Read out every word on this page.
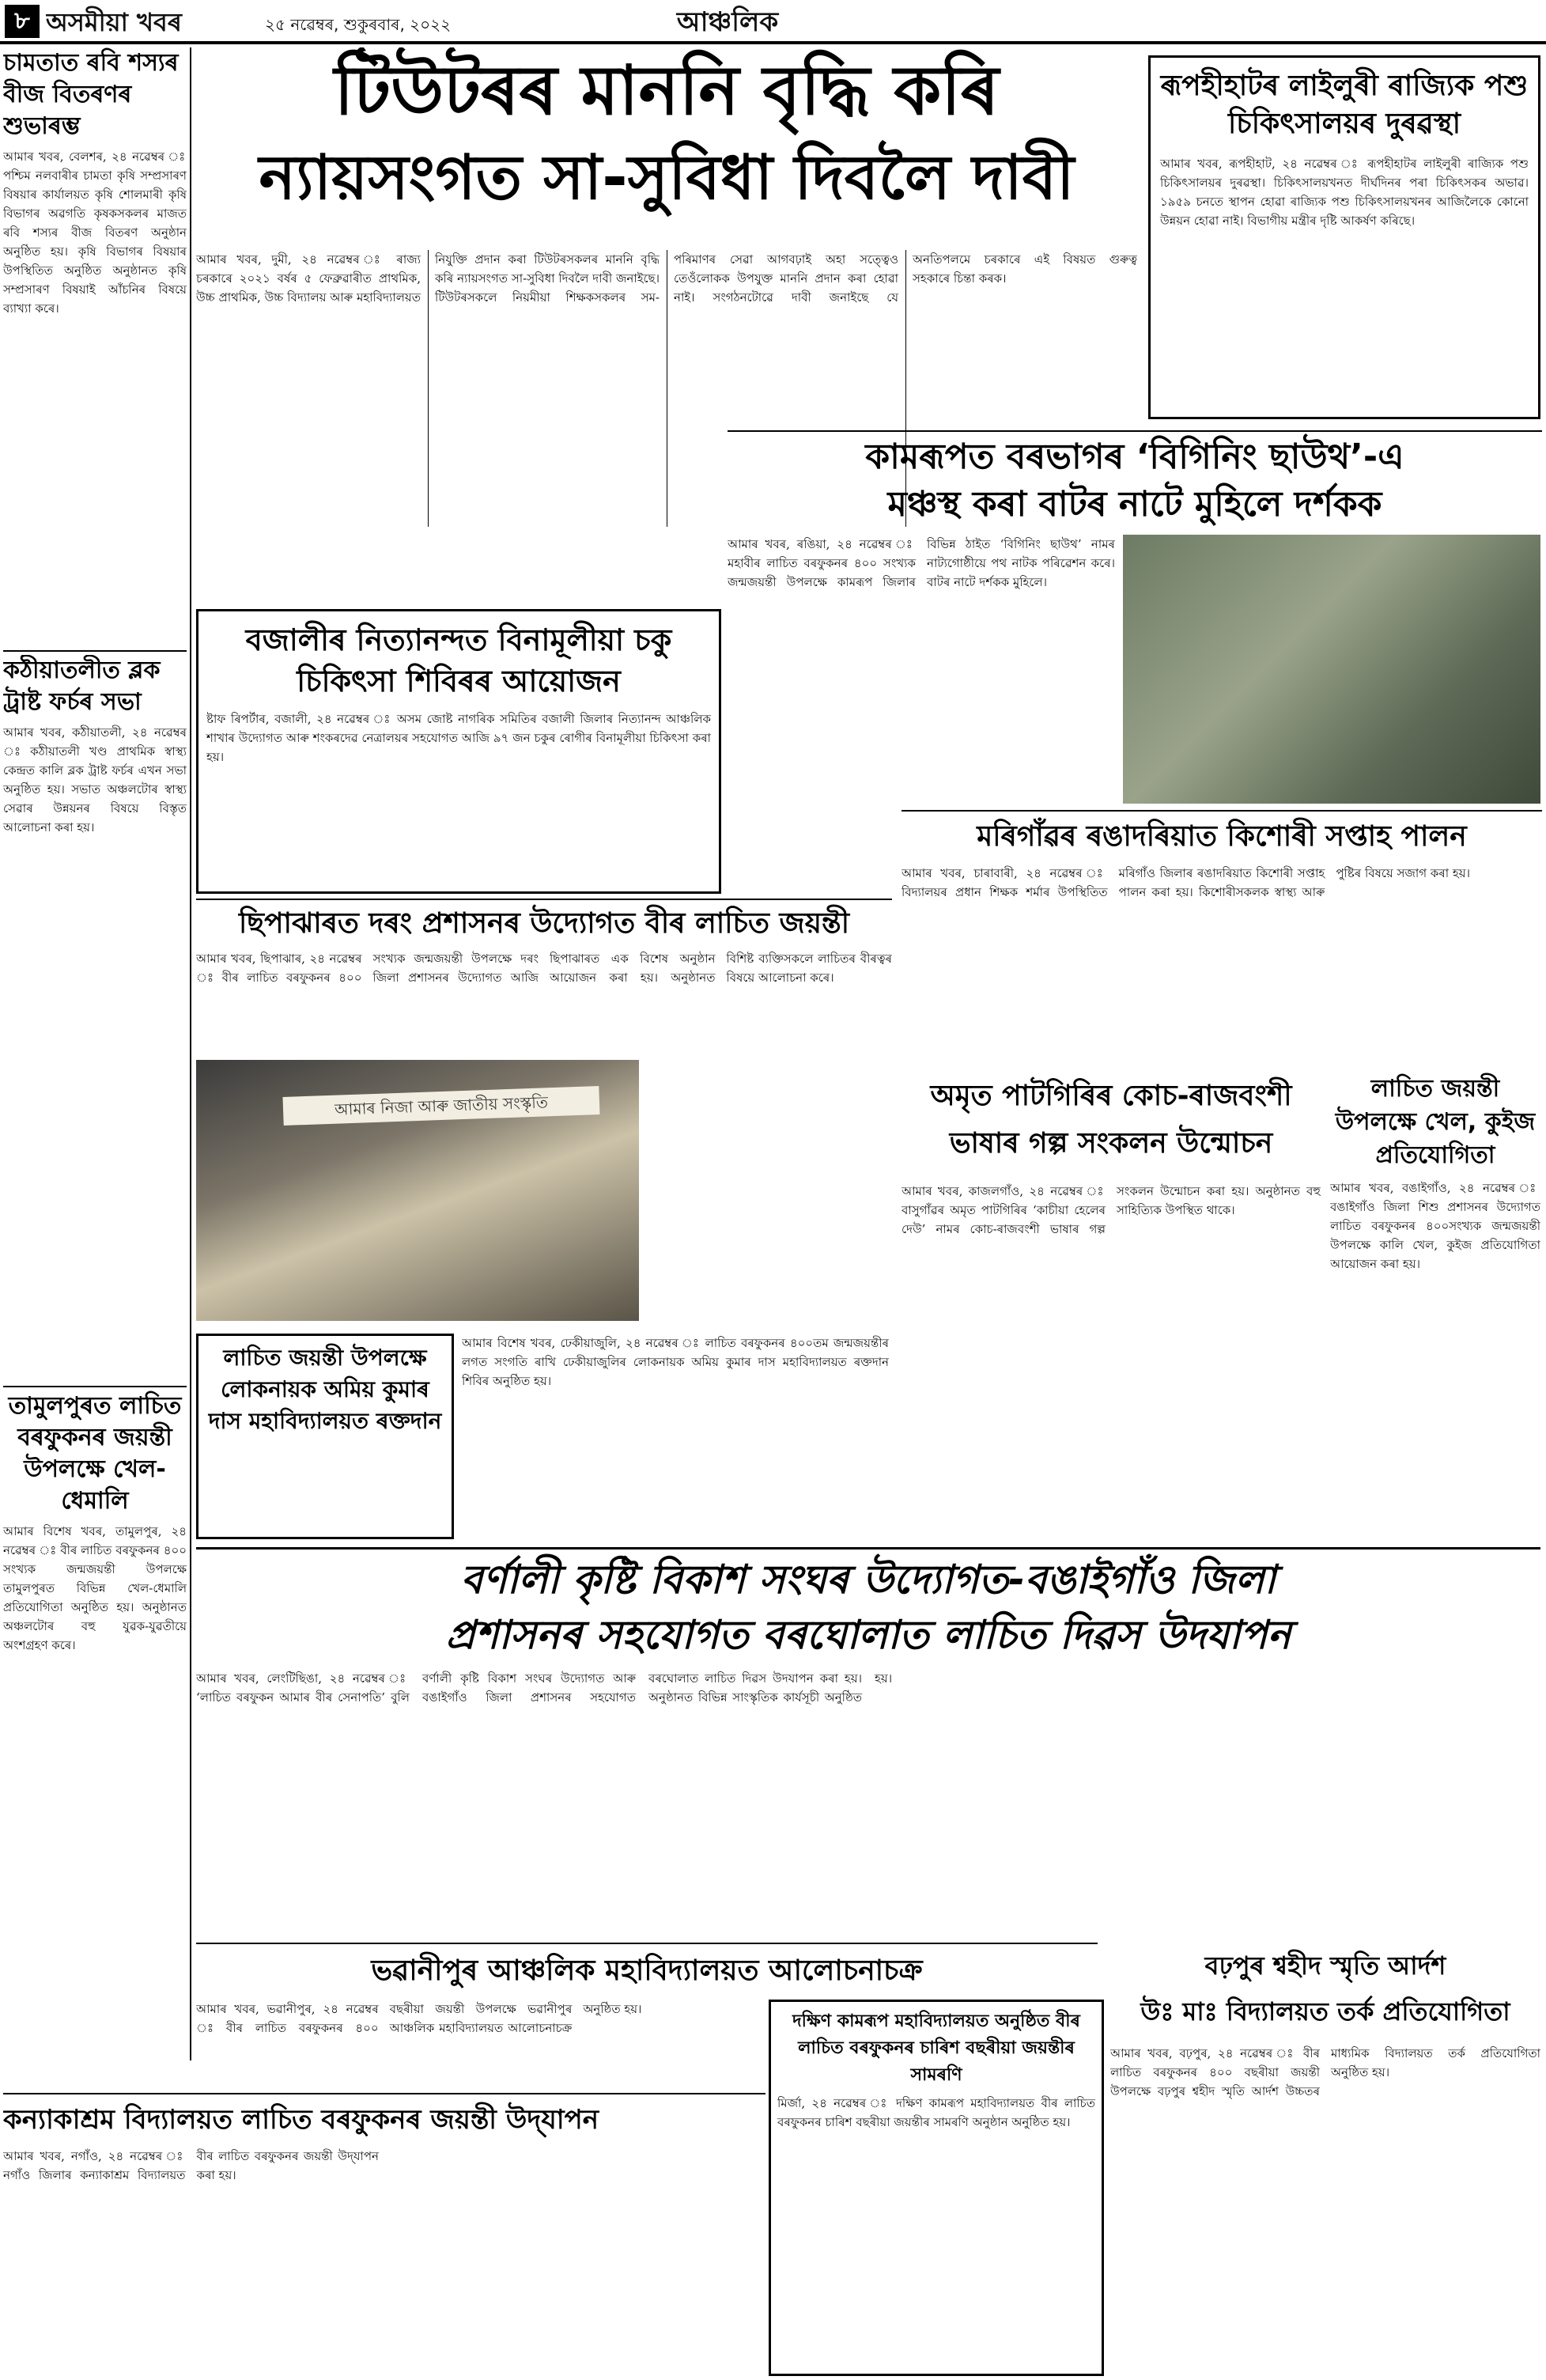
৮ অসমীয়া খবৰ	২৫ নৱেম্বৰ, শুকুৰবাৰ, ২০২২	আঞ্চলিক
চামতাত ৰবি শস্যৰ বীজ বিতৰণৰ শুভাৰম্ভ
আমাৰ খবৰ, বেলশৰ, ২৪ নৱেম্বৰ ঃ পশ্চিম নলবাৰীৰ চামতা কৃষি সম্প্ৰসাৰণ বিষয়াৰ কাৰ্যালয়ত কৃষি শোলমাৰী কৃষি বিভাগৰ অৱগতি কৃষকসকলৰ মাজত ৰবি শস্যৰ বীজ বিতৰণ অনুষ্ঠান অনুষ্ঠিত হয়। কৃষি বিভাগৰ বিষয়াৰ উপস্থিতিত অনুষ্ঠিত অনুষ্ঠানত কৃষি সম্প্ৰসাৰণ বিষয়াই আঁচনিৰ বিষয়ে ব্যাখ্যা কৰে।
কঠীয়াতলীত ব্লক ট্ৰাষ্ট ফৰ্চৰ সভা
আমাৰ খবৰ, কঠীয়াতলী, ২৪ নৱেম্বৰ ঃ কঠীয়াতলী খণ্ড প্ৰাথমিক স্বাস্থ্য কেন্দ্ৰত কালি ব্লক ট্ৰাষ্ট ফৰ্চৰ এখন সভা অনুষ্ঠিত হয়। সভাত অঞ্চলটোৰ স্বাস্থ্য সেৱাৰ উন্নয়নৰ বিষয়ে বিস্তৃত আলোচনা কৰা হয়।
তামুলপুৰত লাচিত বৰফুকনৰ জয়ন্তী উপলক্ষে খেল-ধেমালি
আমাৰ বিশেষ খবৰ, তামুলপুৰ, ২৪ নৱেম্বৰ ঃ বীৰ লাচিত বৰফুকনৰ ৪০০ সংখ্যক জন্মজয়ন্তী উপলক্ষে তামুলপুৰত বিভিন্ন খেল-ধেমালি প্ৰতিযোগিতা অনুষ্ঠিত হয়। অনুষ্ঠানত অঞ্চলটোৰ বহু যুৱক-যুৱতীয়ে অংশগ্ৰহণ কৰে।
টিউটৰৰ মাননি বৃদ্ধি কৰি
ন্যায়সংগত সা-সুবিধা দিবলৈ দাবী
আমাৰ খবৰ, দুমী, ২৪ নৱেম্বৰ ঃ ৰাজ্য চৰকাৰে ২০২১ বৰ্ষৰ ৫ ফেব্ৰুৱাৰীত প্ৰাথমিক, উচ্চ প্ৰাথমিক, উচ্চ বিদ্যালয় আৰু মহাবিদ্যালয়ত নিযুক্তি প্ৰদান কৰা টিউটৰসকলৰ মাননি বৃদ্ধি কৰি ন্যায়সংগত সা-সুবিধা দিবলৈ দাবী জনাইছে। টিউটৰসকলে নিয়মীয়া শিক্ষকসকলৰ সম-পৰিমাণৰ সেৱা আগবঢ়াই অহা সত্ত্বেও তেওঁলোকক উপযুক্ত মাননি প্ৰদান কৰা হোৱা নাই। সংগঠনটোৱে দাবী জনাইছে যে অনতিপলমে চৰকাৰে এই বিষয়ত গুৰুত্ব সহকাৰে চিন্তা কৰক।
ৰূপহীহাটৰ লাইলুৰী ৰাজ্যিক পশু চিকিৎসালয়ৰ দুৰৱস্থা
আমাৰ খবৰ, ৰূপহীহাট, ২৪ নৱেম্বৰ ঃ ৰূপহীহাটৰ লাইলুৰী ৰাজ্যিক পশু চিকিৎসালয়ৰ দুৰৱস্থা। চিকিৎসালয়খনত দীৰ্ঘদিনৰ পৰা চিকিৎসকৰ অভাৱ। ১৯৫৯ চনতে স্থাপন হোৱা ৰাজ্যিক পশু চিকিৎসালয়খনৰ আজিলৈকে কোনো উন্নয়ন হোৱা নাই। বিভাগীয় মন্ত্ৰীৰ দৃষ্টি আকৰ্ষণ কৰিছে।
কামৰূপত বৰভাগৰ ‘বিগিনিং ছাউথ’-এ
মঞ্চস্থ কৰা বাটৰ নাটে মুহিলে দৰ্শকক
বজালীৰ নিত্যানন্দত বিনামূলীয়া চকু চিকিৎসা শিবিৰৰ আয়োজন
ষ্টাফ ৰিপৰ্টাৰ, বজালী, ২৪ নৱেম্বৰ ঃ অসম জোষ্ট নাগৰিক সমিতিৰ বজালী জিলাৰ নিত্যানন্দ আঞ্চলিক শাখাৰ উদ্যোগত আৰু শংকৰদেৱ নেত্ৰালয়ৰ সহযোগত আজি ৯৭ জন চকুৰ ৰোগীৰ বিনামূলীয়া চিকিৎসা কৰা হয়।
আমাৰ খবৰ, ৰঙিয়া, ২৪ নৱেম্বৰ ঃ মহাবীৰ লাচিত বৰফুকনৰ ৪০০ সংখ্যক জন্মজয়ন্তী উপলক্ষে কামৰূপ জিলাৰ বিভিন্ন ঠাইত ‘বিগিনিং ছাউথ’ নামৰ নাট্যগোষ্ঠীয়ে পথ নাটক পৰিৱেশন কৰে। বাটৰ নাটে দৰ্শকক মুহিলে।
মৰিগাঁৱৰ ৰঙাদৰিয়াত কিশোৰী সপ্তাহ পালন
আমাৰ খবৰ, চাৰাবাৰী, ২৪ নৱেম্বৰ ঃ বিদ্যালয়ৰ প্ৰধান শিক্ষক শৰ্মাৰ উপস্থিতিত মৰিগাঁও জিলাৰ ৰঙাদৰিয়াত কিশোৰী সপ্তাহ পালন কৰা হয়। কিশোৰীসকলক স্বাস্থ্য আৰু পুষ্টিৰ বিষয়ে সজাগ কৰা হয়।
ছিপাঝাৰত দৰং প্ৰশাসনৰ উদ্যোগত বীৰ লাচিত জয়ন্তী
আমাৰ খবৰ, ছিপাঝাৰ, ২৪ নৱেম্বৰ ঃ বীৰ লাচিত বৰফুকনৰ ৪০০ সংখ্যক জন্মজয়ন্তী উপলক্ষে দৰং জিলা প্ৰশাসনৰ উদ্যোগত আজি ছিপাঝাৰত এক বিশেষ অনুষ্ঠান আয়োজন কৰা হয়। অনুষ্ঠানত বিশিষ্ট ব্যক্তিসকলে লাচিতৰ বীৰত্বৰ বিষয়ে আলোচনা কৰে।
আমাৰ নিজা আৰু জাতীয় সংস্কৃতি	অমৃত পাটগিৰিৰ কোচ-ৰাজবংশী
ভাষাৰ গল্প সংকলন উন্মোচন
আমাৰ খবৰ, কাজলগাঁও, ২৪ নৱেম্বৰ ঃ বাসুগাঁৱৰ অমৃত পাটগিৰিৰ ‘কাচীয়া হেলেৰ দেউ’ নামৰ কোচ-ৰাজবংশী ভাষাৰ গল্প সংকলন উন্মোচন কৰা হয়। অনুষ্ঠানত বহু সাহিত্যিক উপস্থিত থাকে।
লাচিত জয়ন্তী উপলক্ষে খেল, কুইজ প্ৰতিযোগিতা
আমাৰ খবৰ, বঙাইগাঁও, ২৪ নৱেম্বৰ ঃ বঙাইগাঁও জিলা শিশু প্ৰশাসনৰ উদ্যোগত লাচিত বৰফুকনৰ ৪০০সংখ্যক জন্মজয়ন্তী উপলক্ষে কালি খেল, কুইজ প্ৰতিযোগিতা আয়োজন কৰা হয়।
লাচিত জয়ন্তী উপলক্ষে লোকনায়ক অমিয় কুমাৰ দাস মহাবিদ্যালয়ত ৰক্তদান
আমাৰ বিশেষ খবৰ, ঢেকীয়াজুলি, ২৪ নৱেম্বৰ ঃ লাচিত বৰফুকনৰ ৪০০তম জন্মজয়ন্তীৰ লগত সংগতি ৰাখি ঢেকীয়াজুলিৰ লোকনায়ক অমিয় কুমাৰ দাস মহাবিদ্যালয়ত ৰক্তদান শিবিৰ অনুষ্ঠিত হয়।
বৰ্ণালী কৃষ্টি বিকাশ সংঘৰ উদ্যোগত-বঙাইগাঁও জিলা
প্ৰশাসনৰ সহযোগত বৰঘোলাত লাচিত দিৱস উদযাপন
আমাৰ খবৰ, লেংটিছিঙা, ২৪ নৱেম্বৰ ঃ ‘লাচিত বৰফুকন আমাৰ বীৰ সেনাপতি’ বুলি বৰ্ণালী কৃষ্টি বিকাশ সংঘৰ উদ্যোগত আৰু বঙাইগাঁও জিলা প্ৰশাসনৰ সহযোগত বৰঘোলাত লাচিত দিৱস উদযাপন কৰা হয়। অনুষ্ঠানত বিভিন্ন সাংস্কৃতিক কাৰ্যসূচী অনুষ্ঠিত হয়।
বঢ়পুৰ শ্বহীদ স্মৃতি আৰ্দশ
উঃ মাঃ বিদ্যালয়ত তৰ্ক প্ৰতিযোগিতা
আমাৰ খবৰ, বঢ়পুৰ, ২৪ নৱেম্বৰ ঃ বীৰ লাচিত বৰফুকনৰ ৪০০ বছৰীয়া জয়ন্তী উপলক্ষে বঢ়পুৰ শ্বহীদ স্মৃতি আৰ্দশ উচ্চতৰ মাধ্যমিক বিদ্যালয়ত তৰ্ক প্ৰতিযোগিতা অনুষ্ঠিত হয়।
ভৱানীপুৰ আঞ্চলিক মহাবিদ্যালয়ত আলোচনাচক্ৰ
আমাৰ খবৰ, ভৱানীপুৰ, ২৪ নৱেম্বৰ ঃ বীৰ লাচিত বৰফুকনৰ ৪০০ বছৰীয়া জয়ন্তী উপলক্ষে ভৱানীপুৰ আঞ্চলিক মহাবিদ্যালয়ত আলোচনাচক্ৰ অনুষ্ঠিত হয়।
দক্ষিণ কামৰূপ মহাবিদ্যালয়ত অনুষ্ঠিত বীৰ
লাচিত বৰফুকনৰ চাৰিশ বছৰীয়া জয়ন্তীৰ সামৰণি
মিৰ্জা, ২৪ নৱেম্বৰ ঃ দক্ষিণ কামৰূপ মহাবিদ্যালয়ত বীৰ লাচিত বৰফুকনৰ চাৰিশ বছৰীয়া জয়ন্তীৰ সামৰণি অনুষ্ঠান অনুষ্ঠিত হয়।
কন্যাকাশ্ৰম বিদ্যালয়ত লাচিত বৰফুকনৰ জয়ন্তী উদ্‌যাপন
আমাৰ খবৰ, নগাঁও, ২৪ নৱেম্বৰ ঃ নগাঁও জিলাৰ কন্যাকাশ্ৰম বিদ্যালয়ত বীৰ লাচিত বৰফুকনৰ জয়ন্তী উদ্‌যাপন কৰা হয়।
